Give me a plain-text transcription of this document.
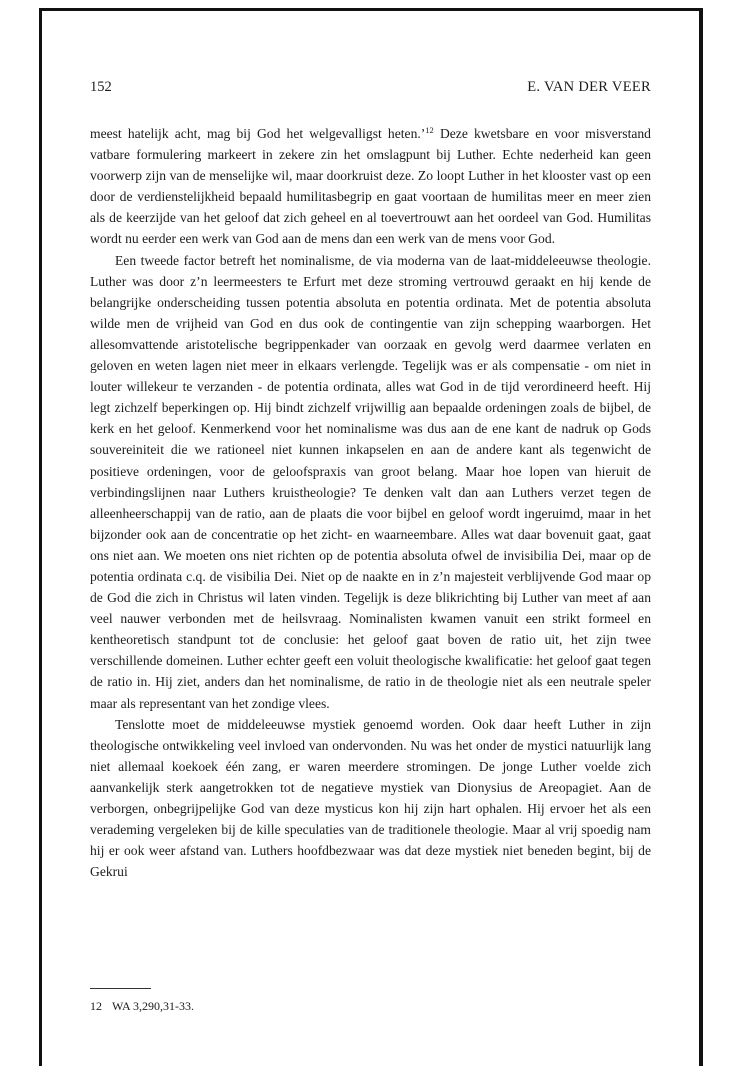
152	E. VAN DER VEER

meest hatelijk acht, mag bij God het welgevalligst heten.’$^{12}$ Deze kwetsbare en voor misverstand vatbare formulering markeert in zekere zin het omslagpunt bij Luther. Echte nederheid kan geen voorwerp zijn van de menselijke wil, maar doorkruist deze. Zo loopt Luther in het klooster vast op een door de verdienstelijkheid bepaald humilitasbegrip en gaat voortaan de humilitas meer en meer zien als de keerzijde van het geloof dat zich geheel en al toevertrouwt aan het oordeel van God. Humilitas wordt nu eerder een werk van God aan de mens dan een werk van de mens voor God.

Een tweede factor betreft het nominalisme, de via moderna van de laat-middeleeuwse theologie. Luther was door z’n leermeesters te Erfurt met deze stroming vertrouwd geraakt en hij kende de belangrijke onderscheiding tussen potentia absoluta en potentia ordinata. Met de potentia absoluta wilde men de vrijheid van God en dus ook de contingentie van zijn schepping waarborgen. Het allesomvattende aristotelische begrippenkader van oorzaak en gevolg werd daarmee verlaten en geloven en weten lagen niet meer in elkaars verlengde. Tegelijk was er als compensatie - om niet in louter willekeur te verzanden - de potentia ordinata, alles wat God in de tijd verordineerd heeft. Hij legt zichzelf beperkingen op. Hij bindt zichzelf vrijwillig aan bepaalde ordeningen zoals de bijbel, de kerk en het geloof. Kenmerkend voor het nominalisme was dus aan de ene kant de nadruk op Gods souvereiniteit die we rationeel niet kunnen inkapselen en aan de andere kant als tegenwicht de positieve ordeningen, voor de geloofspraxis van groot belang. Maar hoe lopen van hieruit de verbindingslijnen naar Luthers kruistheologie? Te denken valt dan aan Luthers verzet tegen de alleenheerschappij van de ratio, aan de plaats die voor bijbel en geloof wordt ingeruimd, maar in het bijzonder ook aan de concentratie op het zicht- en waarneembare. Alles wat daar bovenuit gaat, gaat ons niet aan. We moeten ons niet richten op de potentia absoluta ofwel de invisibilia Dei, maar op de potentia ordinata c.q. de visibilia Dei. Niet op de naakte en in z’n majesteit verblijvende God maar op de God die zich in Christus wil laten vinden. Tegelijk is deze blikrichting bij Luther van meet af aan veel nauwer verbonden met de heilsvraag. Nominalisten kwamen vanuit een strikt formeel en kentheoretisch standpunt tot de conclusie: het geloof gaat boven de ratio uit, het zijn twee verschillende domeinen. Luther echter geeft een voluit theologische kwalificatie: het geloof gaat tegen de ratio in. Hij ziet, anders dan het nominalisme, de ratio in de theologie niet als een neutrale speler maar als representant van het zondige vlees.

Tenslotte moet de middeleeuwse mystiek genoemd worden. Ook daar heeft Luther in zijn theologische ontwikkeling veel invloed van ondervonden. Nu was het onder de mystici natuurlijk lang niet allemaal koekoek één zang, er waren meerdere stromingen. De jonge Luther voelde zich aanvankelijk sterk aangetrokken tot de negatieve mystiek van Dionysius de Areopagiet. Aan de verborgen, onbegrijpelijke God van deze mysticus kon hij zijn hart ophalen. Hij ervoer het als een verademing vergeleken bij de kille speculaties van de traditionele theologie. Maar al vrij spoedig nam hij er ook weer afstand van. Luthers hoofdbezwaar was dat deze mystiek niet beneden begint, bij de Gekrui

12 WA 3,290,31-33.
